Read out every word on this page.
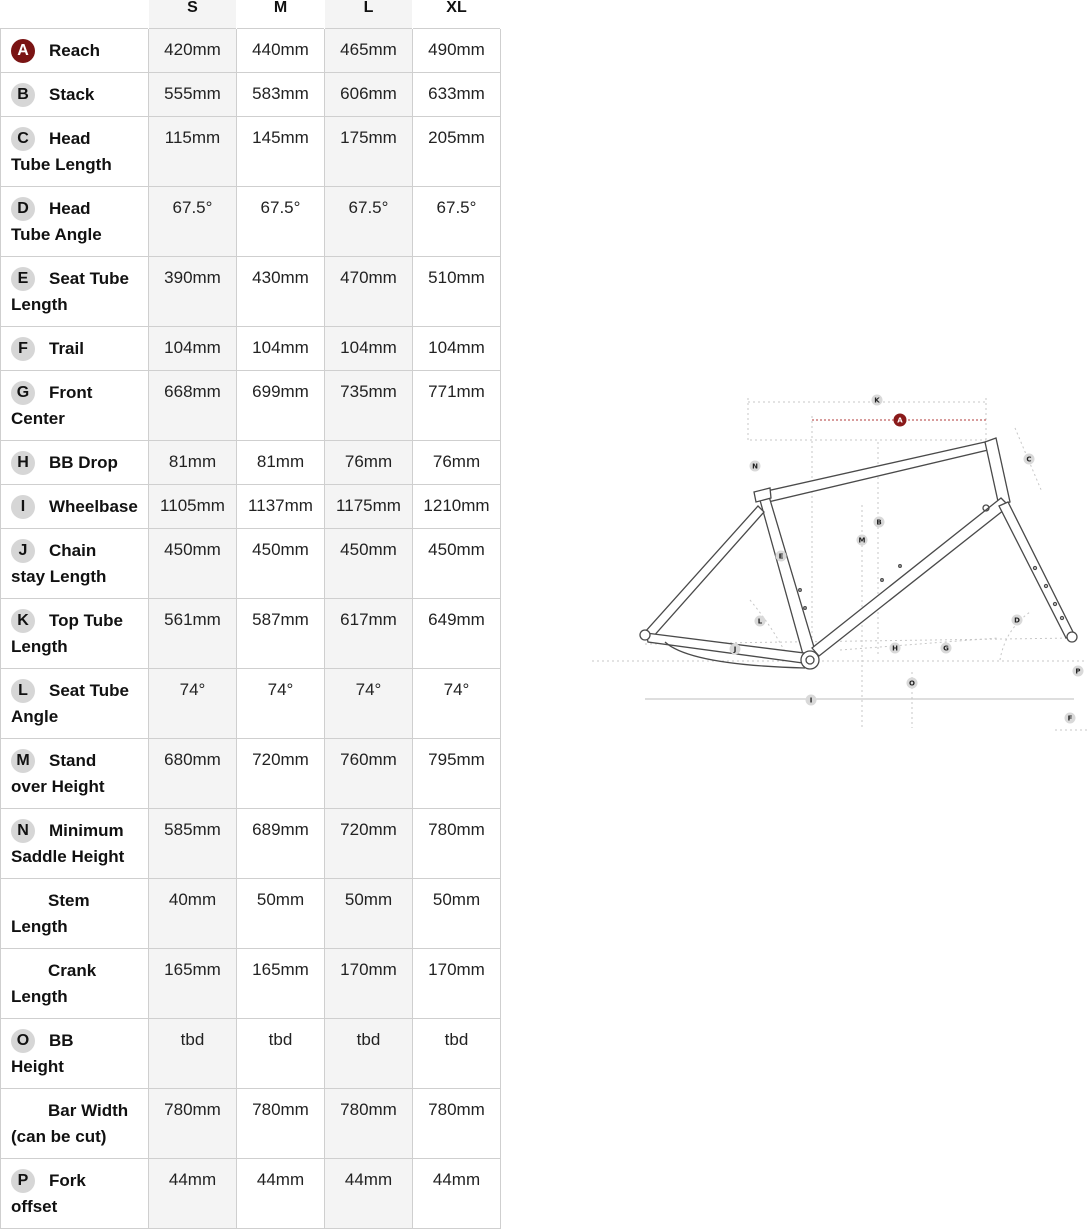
	S	M	L	XL
A Reach	420mm	440mm	465mm	490mm
B Stack	555mm	583mm	606mm	633mm
C Head
Tube Length	115mm	145mm	175mm	205mm
D Head
Tube Angle	67.5°	67.5°	67.5°	67.5°
E Seat Tube
Length	390mm	430mm	470mm	510mm
F Trail	104mm	104mm	104mm	104mm
G Front
Center	668mm	699mm	735mm	771mm
H BB Drop	81mm	81mm	76mm	76mm
I Wheelbase	1105mm	1137mm	1175mm	1210mm
J Chain
stay Length	450mm	450mm	450mm	450mm
K Top Tube
Length	561mm	587mm	617mm	649mm
L Seat Tube
Angle	74°	74°	74°	74°
M Stand
over Height	680mm	720mm	760mm	795mm
N Minimum
Saddle Height	585mm	689mm	720mm	780mm
Stem
Length	40mm	50mm	50mm	50mm
Crank
Length	165mm	165mm	170mm	170mm
O BB
Height	tbd	tbd	tbd	tbd
Bar Width
(can be cut)	780mm	780mm	780mm	780mm
P Fork
offset	44mm	44mm	44mm	44mm
K
A
C
N
B
M
E
L	D
J	H	G
P
O
I
F
